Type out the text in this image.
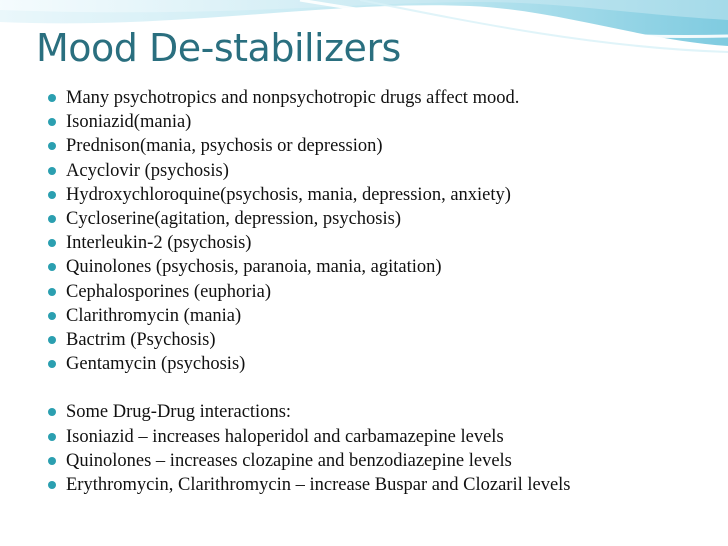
Mood De-stabilizers
Many psychotropics and nonpsychotropic drugs affect mood.
Isoniazid(mania)
Prednison(mania, psychosis or depression)
Acyclovir (psychosis)
Hydroxychloroquine(psychosis, mania, depression, anxiety)
Cycloserine(agitation, depression, psychosis)
Interleukin-2 (psychosis)
Quinolones (psychosis, paranoia, mania, agitation)
Cephalosporines (euphoria)
Clarithromycin (mania)
Bactrim (Psychosis)
Gentamycin (psychosis)
Some Drug-Drug interactions:
Isoniazid – increases haloperidol and carbamazepine levels
Quinolones – increases clozapine and benzodiazepine levels
Erythromycin, Clarithromycin – increase Buspar and Clozaril levels
